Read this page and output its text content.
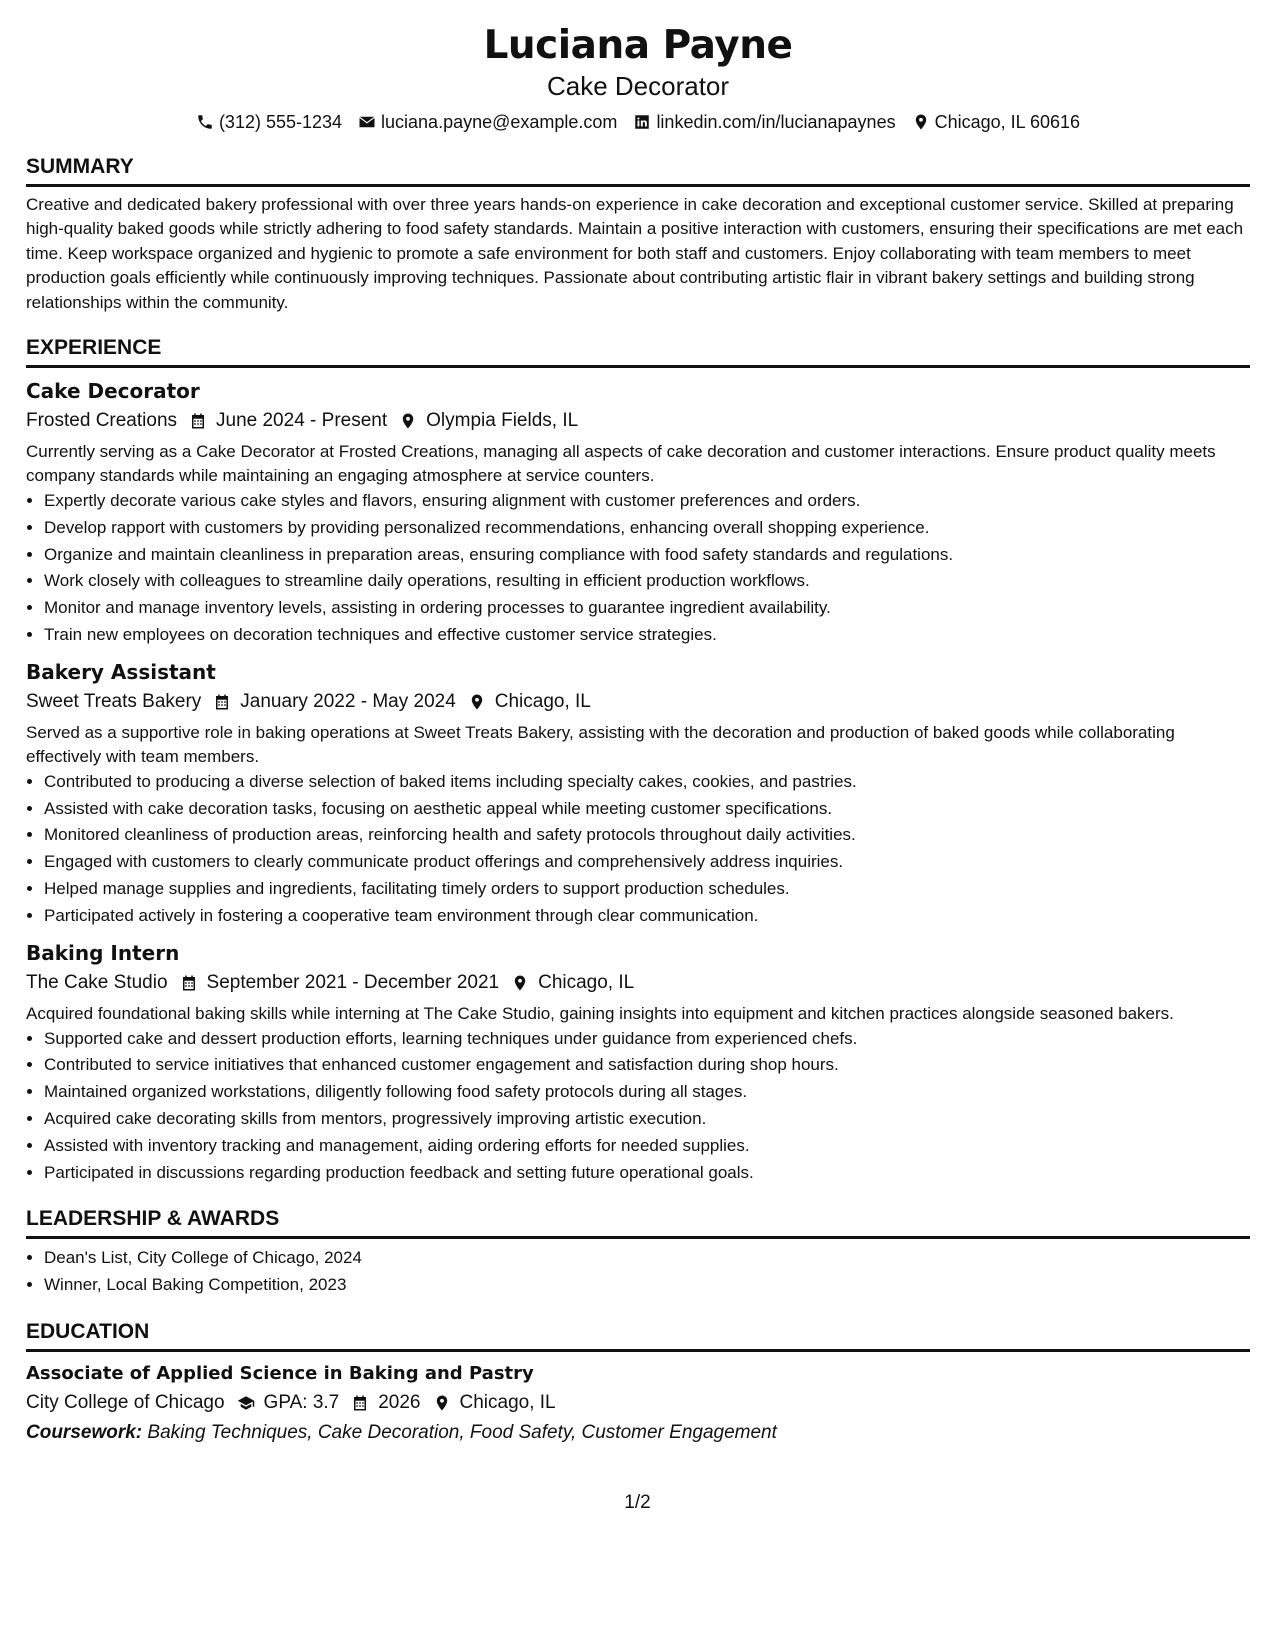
Luciana Payne
Cake Decorator
(312) 555-1234 luciana.payne@example.com linkedin.com/in/lucianapaynes Chicago, IL 60616
SUMMARY
Creative and dedicated bakery professional with over three years hands-on experience in cake decoration and exceptional customer service. Skilled at preparing high-quality baked goods while strictly adhering to food safety standards. Maintain a positive interaction with customers, ensuring their specifications are met each time. Keep workspace organized and hygienic to promote a safe environment for both staff and customers. Enjoy collaborating with team members to meet production goals efficiently while continuously improving techniques. Passionate about contributing artistic flair in vibrant bakery settings and building strong relationships within the community.
EXPERIENCE
Cake Decorator
Frosted Creations June 2024 - Present Olympia Fields, IL
Currently serving as a Cake Decorator at Frosted Creations, managing all aspects of cake decoration and customer interactions. Ensure product quality meets company standards while maintaining an engaging atmosphere at service counters.
• Expertly decorate various cake styles and flavors, ensuring alignment with customer preferences and orders.
• Develop rapport with customers by providing personalized recommendations, enhancing overall shopping experience.
• Organize and maintain cleanliness in preparation areas, ensuring compliance with food safety standards and regulations.
• Work closely with colleagues to streamline daily operations, resulting in efficient production workflows.
• Monitor and manage inventory levels, assisting in ordering processes to guarantee ingredient availability.
• Train new employees on decoration techniques and effective customer service strategies.
Bakery Assistant
Sweet Treats Bakery January 2022 - May 2024 Chicago, IL
Served as a supportive role in baking operations at Sweet Treats Bakery, assisting with the decoration and production of baked goods while collaborating effectively with team members.
• Contributed to producing a diverse selection of baked items including specialty cakes, cookies, and pastries.
• Assisted with cake decoration tasks, focusing on aesthetic appeal while meeting customer specifications.
• Monitored cleanliness of production areas, reinforcing health and safety protocols throughout daily activities.
• Engaged with customers to clearly communicate product offerings and comprehensively address inquiries.
• Helped manage supplies and ingredients, facilitating timely orders to support production schedules.
• Participated actively in fostering a cooperative team environment through clear communication.
Baking Intern
The Cake Studio September 2021 - December 2021 Chicago, IL
Acquired foundational baking skills while interning at The Cake Studio, gaining insights into equipment and kitchen practices alongside seasoned bakers.
• Supported cake and dessert production efforts, learning techniques under guidance from experienced chefs.
• Contributed to service initiatives that enhanced customer engagement and satisfaction during shop hours.
• Maintained organized workstations, diligently following food safety protocols during all stages.
• Acquired cake decorating skills from mentors, progressively improving artistic execution.
• Assisted with inventory tracking and management, aiding ordering efforts for needed supplies.
• Participated in discussions regarding production feedback and setting future operational goals.
LEADERSHIP & AWARDS
• Dean's List, City College of Chicago, 2024
• Winner, Local Baking Competition, 2023
EDUCATION
Associate of Applied Science in Baking and Pastry
City College of Chicago GPA: 3.7 2026 Chicago, IL
Coursework: Baking Techniques, Cake Decoration, Food Safety, Customer Engagement
1/2
